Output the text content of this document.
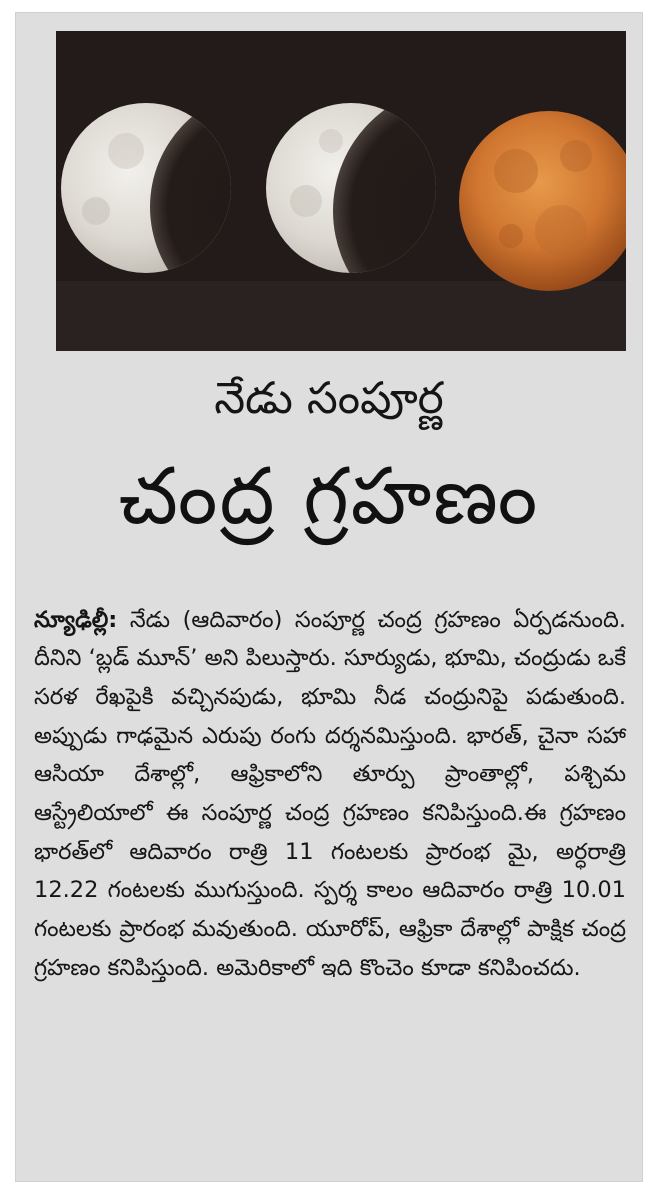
నేడు సంపూర్ణ
చంద్ర గ్రహణం

న్యూఢిల్లీ: నేడు (ఆదివారం) సంపూర్ణ చంద్ర గ్రహణం ఏర్పడనుంది. దీనిని ‘బ్లడ్ మూన్’ అని పిలుస్తారు. సూర్యుడు, భూమి, చంద్రుడు ఒకే సరళ రేఖపైకి వచ్చినపుడు, భూమి నీడ చంద్రునిపై పడుతుంది. అప్పుడు గాఢమైన ఎరుపు రంగు దర్శనమిస్తుంది. భారత్, చైనా సహా ఆసియా దేశాల్లో, ఆఫ్రికాలోని తూర్పు ప్రాంతాల్లో, పశ్చిమ ఆస్ట్రేలియాలో ఈ సంపూర్ణ చంద్ర గ్రహణం కనిపిస్తుంది.ఈ గ్రహణం భారత్‌లో ఆదివారం రాత్రి 11 గంటలకు ప్రారంభ మై, అర్ధరాత్రి 12.22 గంటలకు ముగుస్తుంది. స్పర్శ కాలం ఆదివారం రాత్రి 10.01 గంటలకు ప్రారంభ మవుతుంది. యూరోప్, ఆఫ్రికా దేశాల్లో పాక్షిక చంద్ర గ్రహణం కనిపిస్తుంది. అమెరికాలో ఇది కొంచెం కూడా కనిపించదు.
